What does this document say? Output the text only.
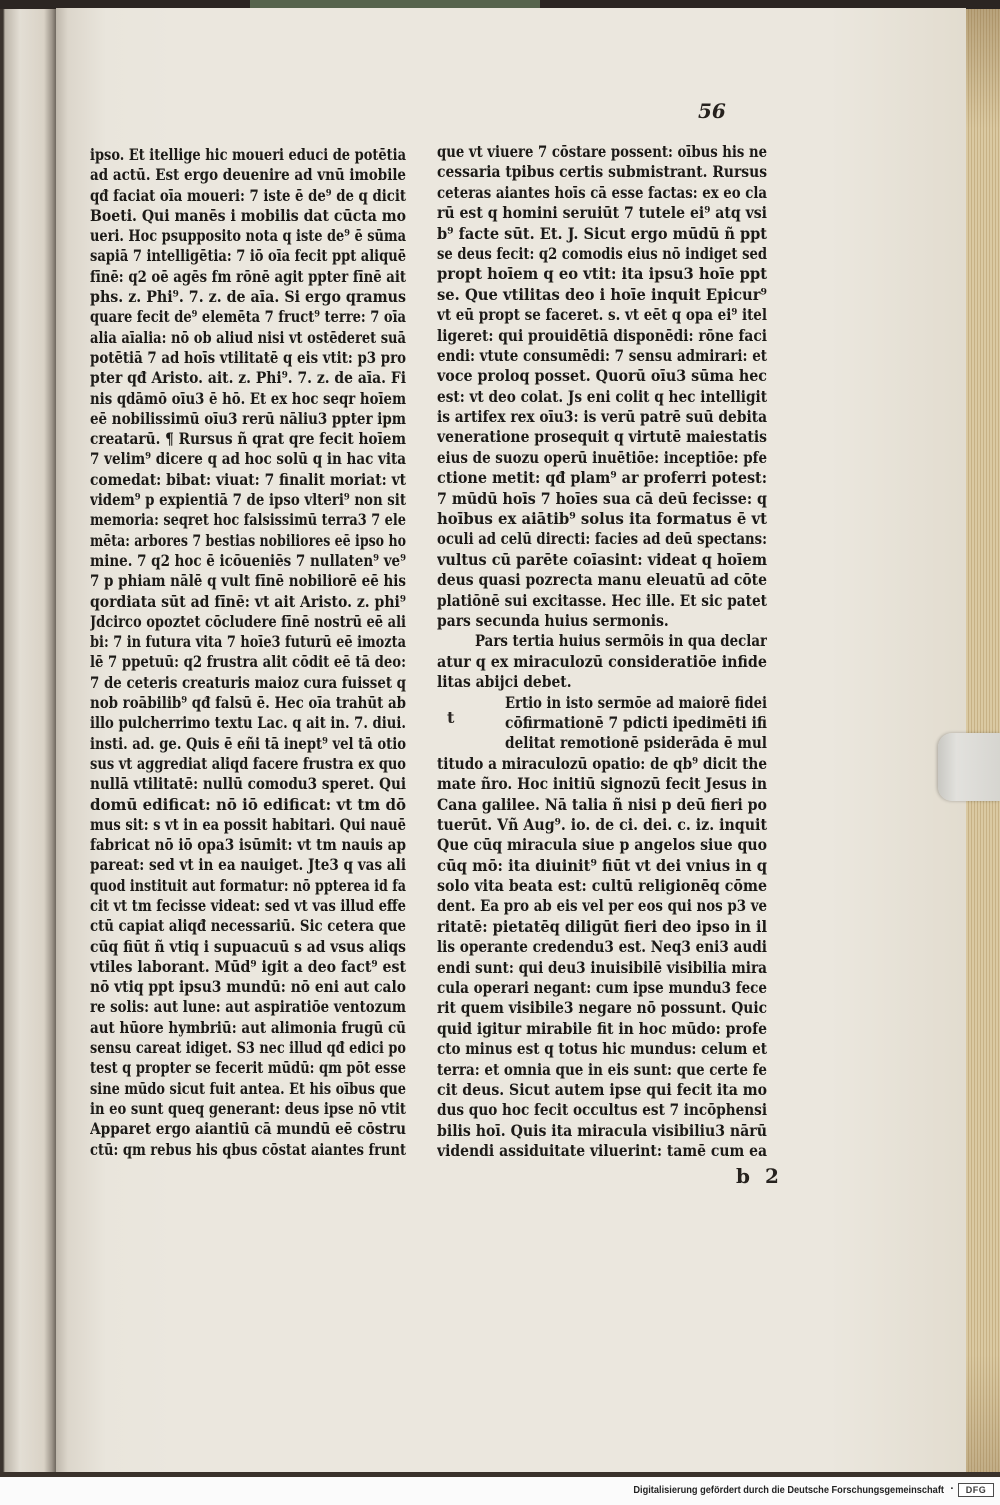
56
ipso. Et itellige hic moueri educi de potētia
ad actū. Est ergo deuenire ad vnū imobile
qđ faciat oīa moueri: 7 iste ē de⁹ de q dicit
Boeti. Qui manēs i mobilis dat cūcta mo
ueri. Hoc psupposito nota q iste de⁹ ē sūma
sapiā 7 intelligētia: 7 iō oīa fecit ppt aliquē
fīnē: q2 oē agēs fm rōnē agit ppter fīnē ait
phs. z. Phi⁹. 7. z. de aīa. Si ergo qramus
quare fecit de⁹ elemēta 7 fruct⁹ terre: 7 oīa
alia aīalia: nō ob aliud nisi vt ostēderet suā
potētiā 7 ad hoīs vtilitatē q eis vtit: p3 pro
pter qđ Aristo. ait. z. Phi⁹. 7. z. de aīa. Fi
nis qdāmō oīu3 ē hō. Et ex hoc seqr hoīem
eē nobilissimū oīu3 rerū nāliu3 ppter ipm
creatarū. ¶ Rursus ñ qrat qre fecit hoīem
7 velim⁹ dicere q ad hoc solū q in hac vita
comedat: bibat: viuat: 7 finalit moriat: vt
videm⁹ p expientiā 7 de ipso vlteri⁹ non sit
memoria: seqret hoc falsissimū terra3 7 ele
mēta: arbores 7 bestias nobiliores eē ipso ho
mine. 7 q2 hoc ē icōueniēs 7 nullaten⁹ ve⁹
7 p phiam nālē q vult fīnē nobiliorē eē his
qordiata sūt ad fīnē: vt ait Aristo. z. phi⁹
Jdcirco opoztet cōcludere fīnē nostrū eē ali
bi: 7 in futura vita 7 hoīe3 futurū eē imozta
lē 7 ppetuū: q2 frustra alit cōdit eē tā deo:
7 de ceteris creaturis maioz cura fuisset q
nob roābilib⁹ qđ falsū ē. Hec oīa trahūt ab
illo pulcherrimo textu Lac. q ait in. 7. diui.
insti. ad. ge. Quis ē eñi tā inept⁹ vel tā otio
sus vt aggrediat aliqd facere frustra ex quo
nullā vtilitatē: nullū comodu3 speret. Qui
domū edificat: nō iō edificat: vt tm dō
mus sit: s vt in ea possit habitari. Qui nauē
fabricat nō iō opa3 isūmit: vt tm nauis ap
pareat: sed vt in ea nauiget. Jte3 q vas ali
quod instituit aut formatur: nō ppterea id fa
cit vt tm fecisse videat: sed vt vas illud effe
ctū capiat aliqđ necessariū. Sic cetera que
cūq fiūt ñ vtiq i supuacuū s ad vsus aliqs
vtiles laborant. Mūd⁹ igit a deo fact⁹ est
nō vtiq ppt ipsu3 mundū: nō eni aut calo
re solis: aut lune: aut aspiratiōe ventozum
aut hūore hymbriū: aut alimonia frugū cū
sensu careat idiget. S3 nec illud qđ edici po
test q propter se fecerit mūdū: qm pōt esse
sine mūdo sicut fuit antea. Et his oībus que
in eo sunt queq generant: deus ipse nō vtit
Apparet ergo aiantiū cā mundū eē cōstru
ctū: qm rebus his qbus cōstat aiantes frunt
que vt viuere 7 cōstare possent: oībus his ne
cessaria tpibus certis submistrant. Rursus
ceteras aiantes hoīs cā esse factas: ex eo cla
rū est q homini seruiūt 7 tutele ei⁹ atq vsi
b⁹ facte sūt. Et. J. Sicut ergo mūdū ñ ppt
se deus fecit: q2 comodis eius nō indiget sed
propt hoīem q eo vtit: ita ipsu3 hoīe ppt
se. Que vtilitas deo i hoīe inquit Epicur⁹
vt eū propt se faceret. s. vt eēt q opa ei⁹ itel
ligeret: qui prouidētiā disponēdi: rōne faci
endi: vtute consumēdi: 7 sensu admirari: et
voce proloq posset. Quorū oīu3 sūma hec
est: vt deo colat. Js eni colit q hec intelligit
is artifex rex oīu3: is verū patrē suū debita
veneratione prosequit q virtutē maiestatis
eius de suozu operū inuētiōe: inceptiōe: pfe
ctione metit: qđ plam⁹ ar proferri potest:
7 mūdū hoīs 7 hoīes sua cā deū fecisse: q
hoībus ex aiātib⁹ solus ita formatus ē vt
oculi ad celū directi: facies ad deū spectans:
vultus cū parēte coīasint: videat q hoīem
deus quasi pozrecta manu eleuatū ad cōte
platiōnē sui excitasse. Hec ille. Et sic patet
pars secunda huius sermonis.
Pars tertia huius sermōis in qua declar
atur q ex miraculozū consideratiōe infide
litas abijci debet.
Ertio in isto sermōe ad maiorē fidei
cōfirmationē 7 pdicti ipedimēti ifi
delitat remotionē psiderāda ē mul
titudo a miraculozū opatio: de qb⁹ dicit the
mate ñro. Hoc initiū signozū fecit Jesus in
Cana galilee. Nā talia ñ nisi p deū fieri po
tuerūt. Vñ Aug⁹. io. de ci. dei. c. iz. inquit
Que cūq miracula siue p angelos siue quo
cūq mō: ita diuinit⁹ fiūt vt dei vnius in q
solo vita beata est: cultū religionēq cōme
dent. Ea pro ab eis vel per eos qui nos p3 ve
ritatē: pietatēq diligūt fieri deo ipso in il
lis operante credendu3 est. Neq3 eni3 audi
endi sunt: qui deu3 inuisibilē visibilia mira
cula operari negant: cum ipse mundu3 fece
rit quem visibile3 negare nō possunt. Quic
quid igitur mirabile fit in hoc mūdo: profe
cto minus est q totus hic mundus: celum et
terra: et omnia que in eis sunt: que certe fe
cit deus. Sicut autem ipse qui fecit ita mo
dus quo hoc fecit occultus est 7 incōphensi
bilis hoī. Quis ita miracula visibiliu3 nārū
videndi assiduitate viluerint: tamē cum ea
t
b 2
Digitalisierung gefördert durch die Deutsche Forschungsgemeinschaft ·	DFG
